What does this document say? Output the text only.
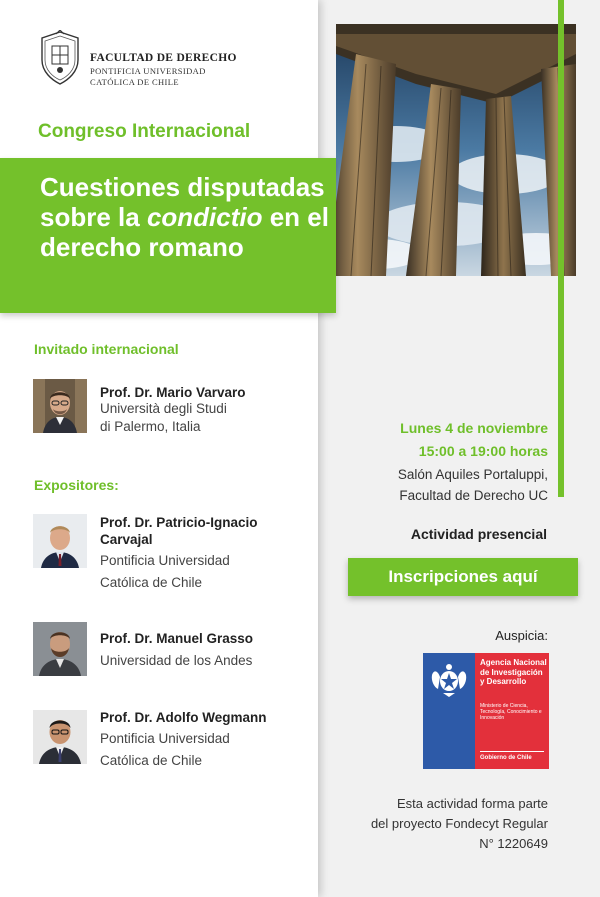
FACULTAD DE DERECHO
PONTIFICIA UNIVERSIDAD
CATÓLICA DE CHILE
Congreso Internacional
Cuestiones disputadas sobre la condictio en el derecho romano
Invitado internacional
Prof. Dr. Mario Varvaro
Università degli Studi
di Palermo, Italia
Expositores:
Prof. Dr. Patricio-Ignacio
Carvajal
Pontificia Universidad
Católica de Chile
Prof. Dr. Manuel Grasso
Universidad de los Andes
Prof. Dr. Adolfo Wegmann
Pontificia Universidad
Católica de Chile
Lunes 4 de noviembre
15:00 a 19:00 horas
Salón Aquiles Portaluppi,
Facultad de Derecho UC
Actividad presencial
Inscripciones aquí
Auspicia:
Agencia Nacional de Investigación y Desarrollo
Ministerio de Ciencia, Tecnología, Conocimiento e Innovación
Gobierno de Chile
Esta actividad forma parte
del proyecto Fondecyt Regular
N° 1220649
